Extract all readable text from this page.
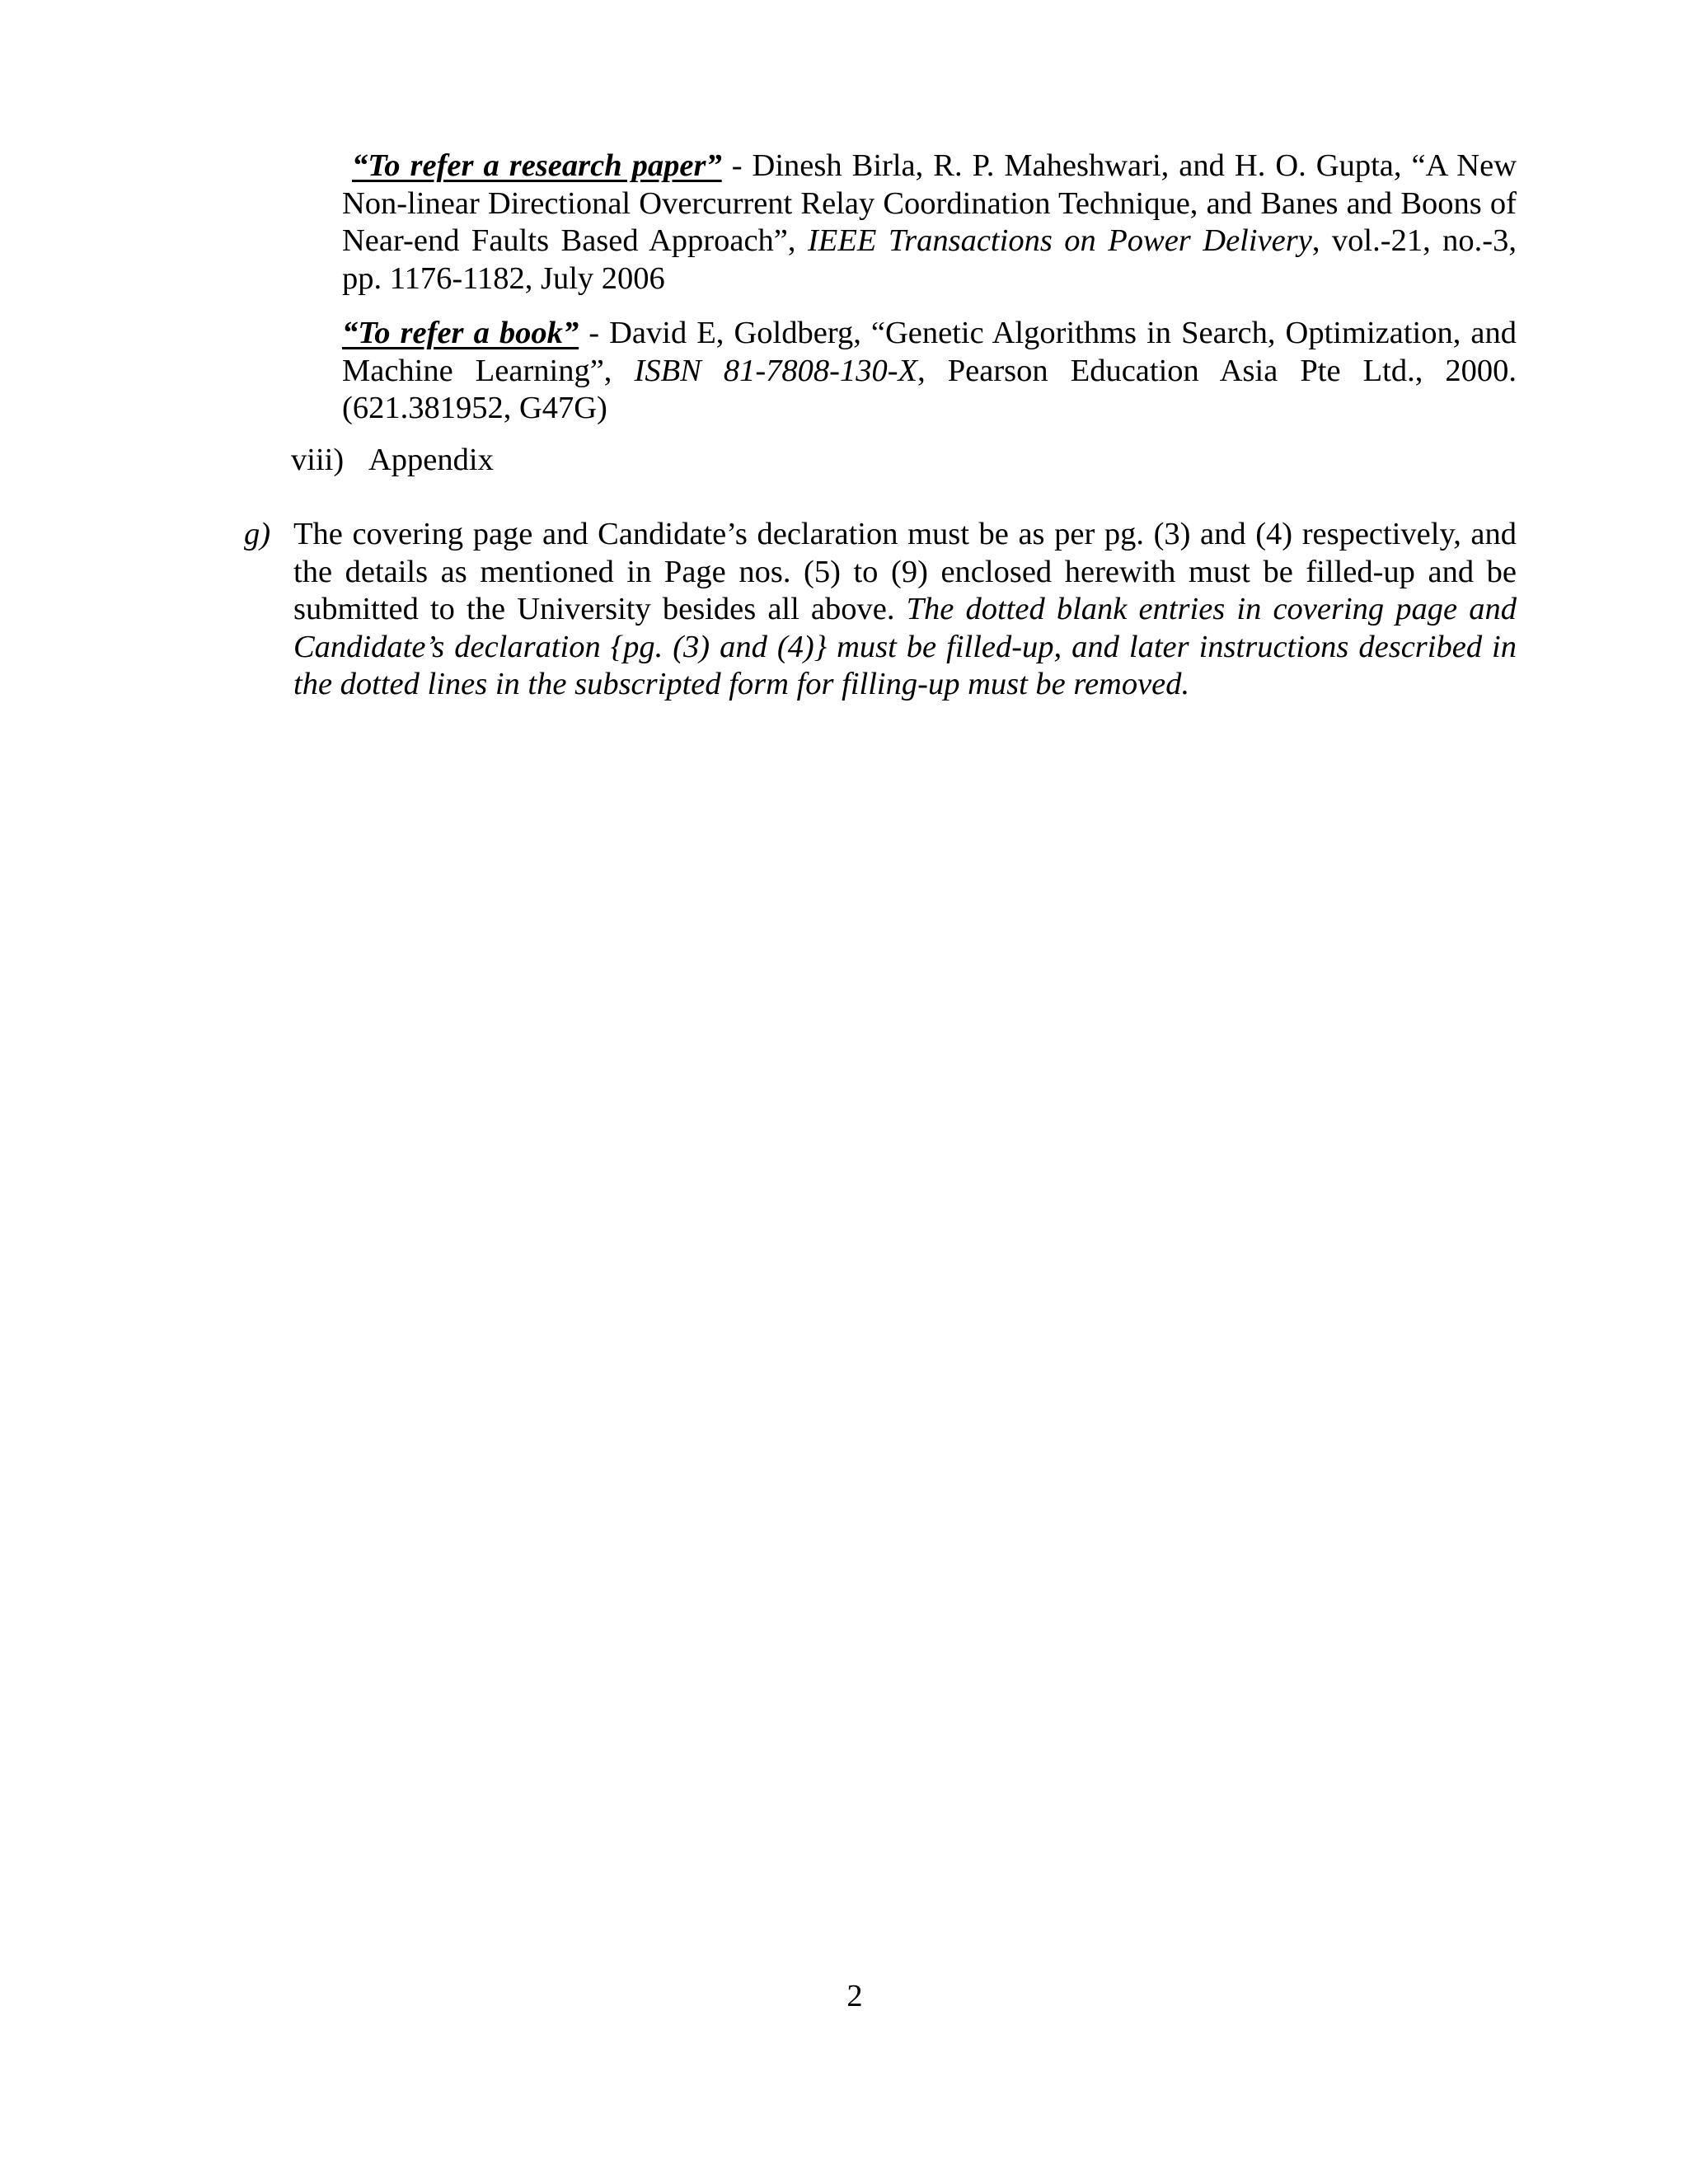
“To refer a research paper” - Dinesh Birla, R. P. Maheshwari, and H. O. Gupta, “A New Non-linear Directional Overcurrent Relay Coordination Technique, and Banes and Boons of Near-end Faults Based Approach”, IEEE Transactions on Power Delivery, vol.-21, no.-3, pp. 1176-1182, July 2006

“To refer a book” - David E, Goldberg, “Genetic Algorithms in Search, Optimization, and Machine Learning”, ISBN 81-7808-130-X, Pearson Education Asia Pte Ltd., 2000. (621.381952, G47G)

viii) Appendix
g) The covering page and Candidate’s declaration must be as per pg. (3) and (4) respectively, and the details as mentioned in Page nos. (5) to (9) enclosed herewith must be filled-up and be submitted to the University besides all above. The dotted blank entries in covering page and Candidate’s declaration {pg. (3) and (4)} must be filled-up, and later instructions described in the dotted lines in the subscripted form for filling-up must be removed.

2
